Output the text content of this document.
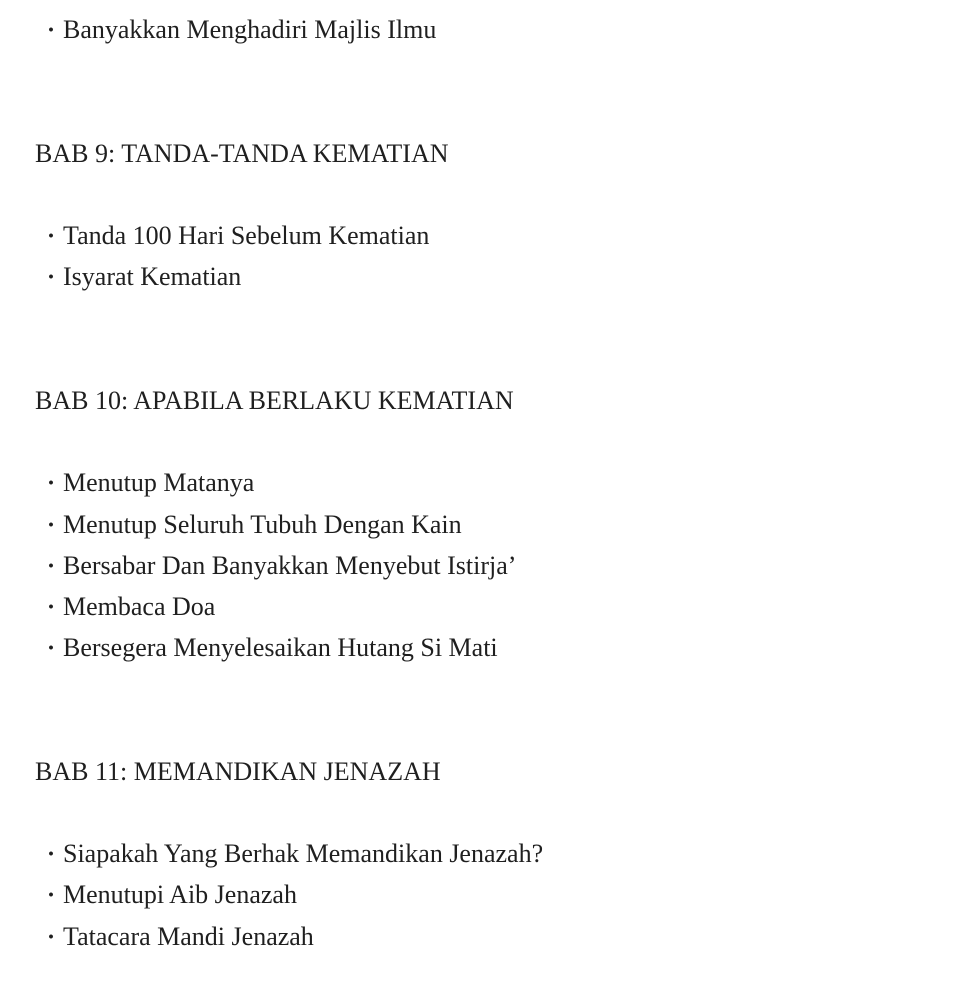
・Banyakkan Menghadiri Majlis Ilmu
BAB 9: TANDA-TANDA KEMATIAN
・Tanda 100 Hari Sebelum Kematian
・Isyarat Kematian
BAB 10: APABILA BERLAKU KEMATIAN
・Menutup Matanya
・Menutup Seluruh Tubuh Dengan Kain
・Bersabar Dan Banyakkan Menyebut Istirja’
・Membaca Doa
・Bersegera Menyelesaikan Hutang Si Mati
BAB 11: MEMANDIKAN JENAZAH
・Siapakah Yang Berhak Memandikan Jenazah?
・Menutupi Aib Jenazah
・Tatacara Mandi Jenazah
